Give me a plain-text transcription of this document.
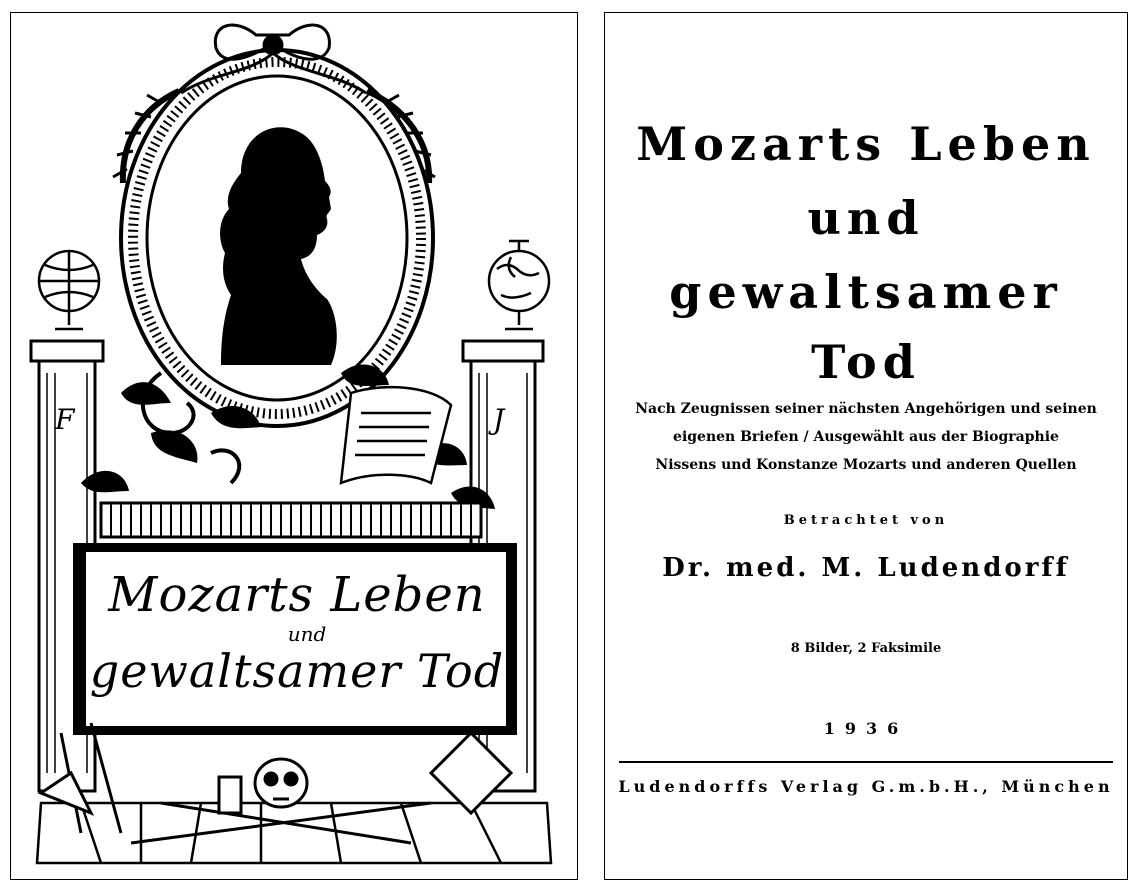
F	J
Mozarts Leben
und
gewaltsamer Tod
Mozarts Leben
und
gewaltsamer
Tod
Nach Zeugnissen seiner nächsten Angehörigen und seinen
eigenen Briefen / Ausgewählt aus der Biographie
Nissens und Konstanze Mozarts und anderen Quellen
Betrachtet von
Dr. med. M. Ludendorff
8 Bilder, 2 Faksimile
1936
Ludendorffs Verlag G.m.b.H., München
